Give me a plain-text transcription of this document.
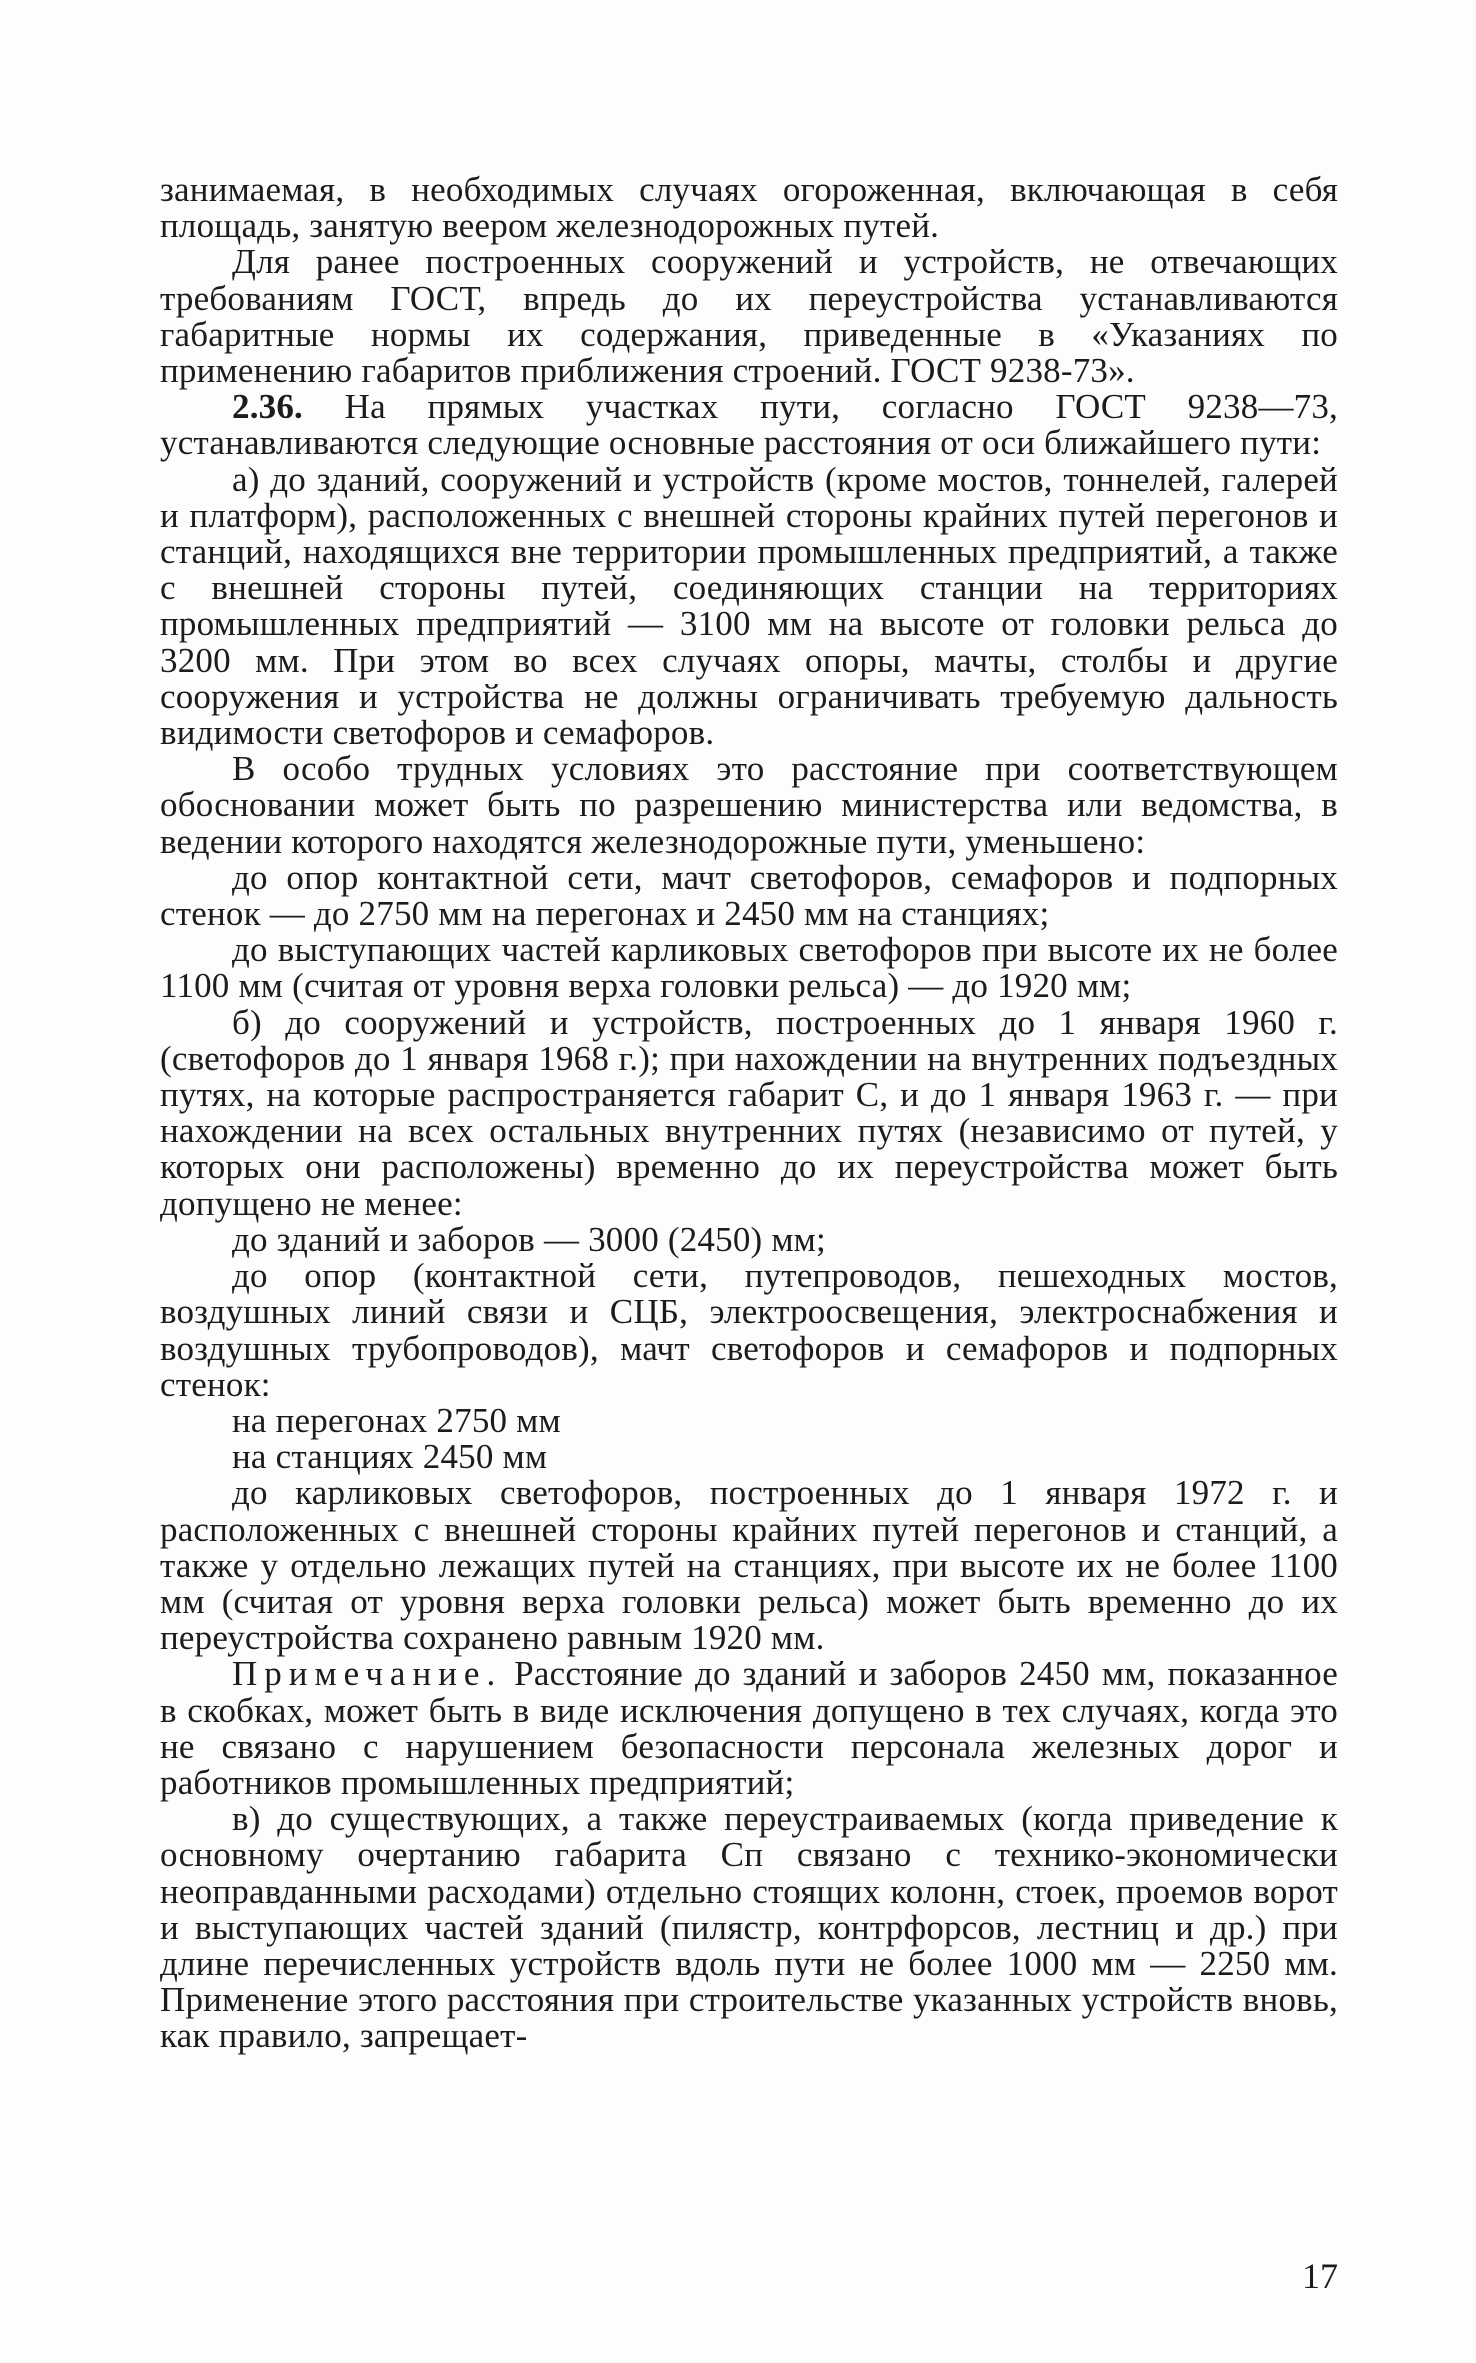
занимаемая, в необходимых случаях огороженная, включающая в себя площадь, занятую веером железнодорожных путей.

Для ранее построенных сооружений и устройств, не отвечающих требованиям ГОСТ, впредь до их переустройства устанавливаются габаритные нормы их содержания, приведенные в «Указаниях по применению габаритов приближения строений. ГОСТ 9238-73».

2.36. На прямых участках пути, согласно ГОСТ 9238—73, устанавливаются следующие основные расстояния от оси ближайшего пути:

а) до зданий, сооружений и устройств (кроме мостов, тоннелей, галерей и платформ), расположенных с внешней стороны крайних путей перегонов и станций, находящихся вне территории промышленных предприятий, а также с внешней стороны путей, соединяющих станции на территориях промышленных предприятий — 3100 мм на высоте от головки рельса до 3200 мм. При этом во всех случаях опоры, мачты, столбы и другие сооружения и устройства не должны ограничивать требуемую дальность видимости светофоров и семафоров.

В особо трудных условиях это расстояние при соответствующем обосновании может быть по разрешению министерства или ведомства, в ведении которого находятся железнодорожные пути, уменьшено:

до опор контактной сети, мачт светофоров, семафоров и подпорных стенок — до 2750 мм на перегонах и 2450 мм на станциях;

до выступающих частей карликовых светофоров при высоте их не более 1100 мм (считая от уровня верха головки рельса) — до 1920 мм;

б) до сооружений и устройств, построенных до 1 января 1960 г. (светофоров до 1 января 1968 г.); при нахождении на внутренних подъездных путях, на которые распространяется габарит С, и до 1 января 1963 г. — при нахождении на всех остальных внутренних путях (независимо от путей, у которых они расположены) временно до их переустройства может быть допущено не менее:

до зданий и заборов — 3000 (2450) мм;

до опор (контактной сети, путепроводов, пешеходных мостов, воздушных линий связи и СЦБ, электроосвещения, электроснабжения и воздушных трубопроводов), мачт светофоров и семафоров и подпорных стенок:

на перегонах 2750 мм

на станциях 2450 мм

до карликовых светофоров, построенных до 1 января 1972 г. и расположенных с внешней стороны крайних путей перегонов и станций, а также у отдельно лежащих путей на станциях, при высоте их не более 1100 мм (считая от уровня верха головки рельса) может быть временно до их переустройства сохранено равным 1920 мм.

Примечание. Расстояние до зданий и заборов 2450 мм, показанное в скобках, может быть в виде исключения допущено в тех случаях, когда это не связано с нарушением безопасности персонала железных дорог и работников промышленных предприятий;

в) до существующих, а также переустраиваемых (когда приведение к основному очертанию габарита Сп связано с технико-экономически неоправданными расходами) отдельно стоящих колонн, стоек, проемов ворот и выступающих частей зданий (пилястр, контрфорсов, лестниц и др.) при длине перечисленных устройств вдоль пути не более 1000 мм — 2250 мм. Применение этого расстояния при строительстве указанных устройств вновь, как правило, запрещает-

17
